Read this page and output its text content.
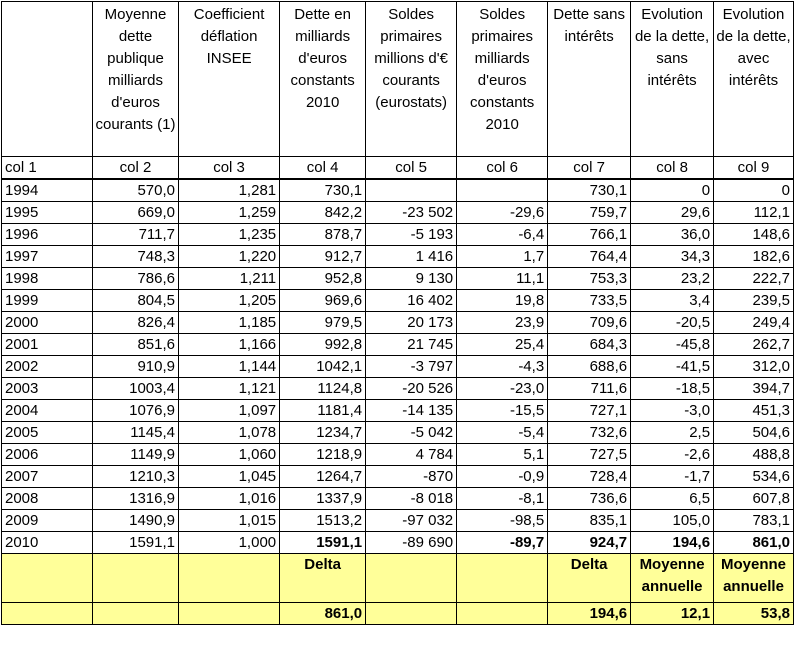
	Moyenne dette publique milliards d'euros courants (1)	Coefficient déflation INSEE	Dette en milliards d'euros constants 2010	Soldes primaires millions d'€ courants (eurostats)	Soldes primaires milliards d'euros constants 2010	Dette sans intérêts	Evolution de la dette, sans intérêts	Evolution de la dette, avec intérêts
col 1	col 2	col 3	col 4	col 5	col 6	col 7	col 8	col 9
1994	570,0	1,281	730,1			730,1	0	0
1995	669,0	1,259	842,2	-23 502	-29,6	759,7	29,6	112,1
1996	711,7	1,235	878,7	-5 193	-6,4	766,1	36,0	148,6
1997	748,3	1,220	912,7	1 416	1,7	764,4	34,3	182,6
1998	786,6	1,211	952,8	9 130	11,1	753,3	23,2	222,7
1999	804,5	1,205	969,6	16 402	19,8	733,5	3,4	239,5
2000	826,4	1,185	979,5	20 173	23,9	709,6	-20,5	249,4
2001	851,6	1,166	992,8	21 745	25,4	684,3	-45,8	262,7
2002	910,9	1,144	1042,1	-3 797	-4,3	688,6	-41,5	312,0
2003	1003,4	1,121	1124,8	-20 526	-23,0	711,6	-18,5	394,7
2004	1076,9	1,097	1181,4	-14 135	-15,5	727,1	-3,0	451,3
2005	1145,4	1,078	1234,7	-5 042	-5,4	732,6	2,5	504,6
2006	1149,9	1,060	1218,9	4 784	5,1	727,5	-2,6	488,8
2007	1210,3	1,045	1264,7	-870	-0,9	728,4	-1,7	534,6
2008	1316,9	1,016	1337,9	-8 018	-8,1	736,6	6,5	607,8
2009	1490,9	1,015	1513,2	-97 032	-98,5	835,1	105,0	783,1
2010	1591,1	1,000	1591,1	-89 690	-89,7	924,7	194,6	861,0
			Delta			Delta	Moyenne annuelle	Moyenne annuelle
			861,0			194,6	12,1	53,8
